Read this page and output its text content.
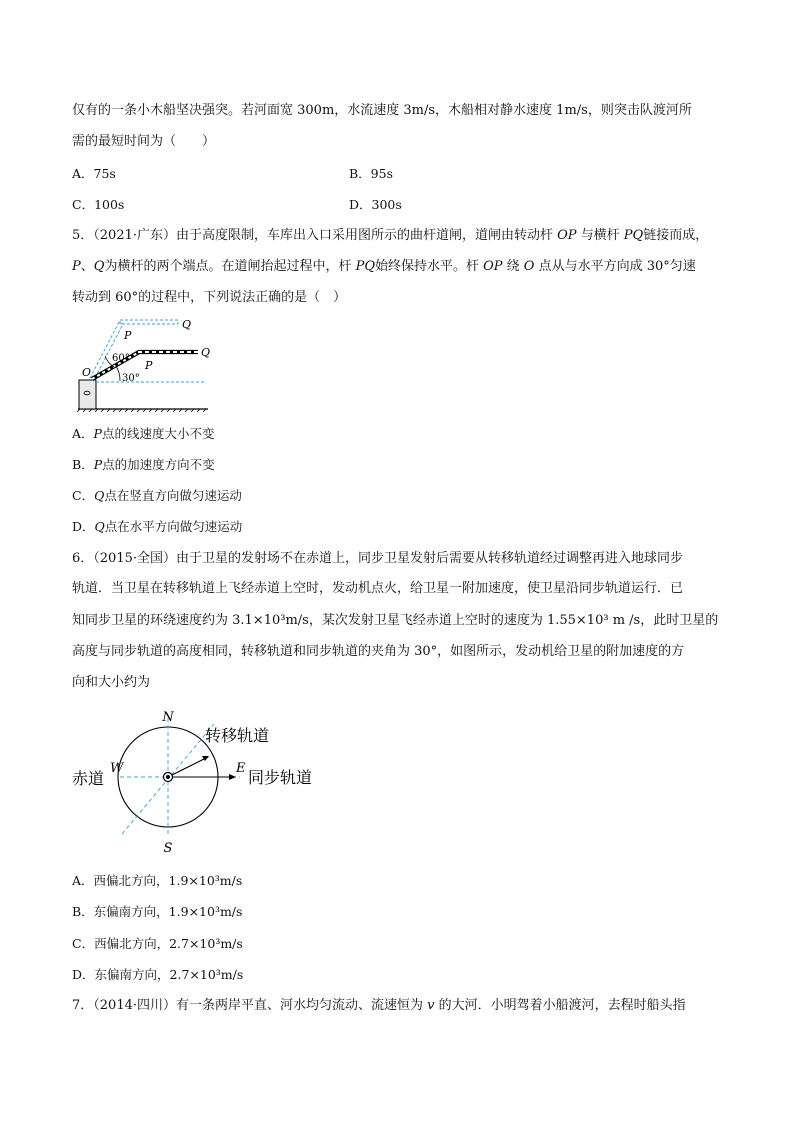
仅有的一条小木船坚决强突。若河面宽 300m，水流速度 3m/s，木船相对静水速度 1m/s，则突击队渡河所
需的最短时间为（　　）
A．75s	B．95s
C．100s	D．300s
5．（2021·广东）由于高度限制，车库出入口采用图所示的曲杆道闸，道闸由转动杆 OP 与横杆 PQ链接而成，
P、Q为横杆的两个端点。在道闸抬起过程中，杆 PQ始终保持水平。杆 OP 绕 O 点从与水平方向成 30°匀速
转动到 60°的过程中，下列说法正确的是（　）
O
P
P
Q
Q
60°
30°
A．P点的线速度大小不变
B．P点的加速度方向不变
C．Q点在竖直方向做匀速运动
D．Q点在水平方向做匀速运动
6．（2015·全国）由于卫星的发射场不在赤道上，同步卫星发射后需要从转移轨道经过调整再进入地球同步
轨道．当卫星在转移轨道上飞经赤道上空时，发动机点火，给卫星一附加速度，使卫星沿同步轨道运行．已
知同步卫星的环绕速度约为 3.1×10³m/s，某次发射卫星飞经赤道上空时的速度为 1.55×10³ m /s，此时卫星的
高度与同步轨道的高度相同，转移轨道和同步轨道的夹角为 30°，如图所示，发动机给卫星的附加速度的方
向和大小约为
N
S
W	E
赤道
转移轨道
同步轨道
A．西偏北方向，1.9×10³m/s
B．东偏南方向，1.9×10³m/s
C．西偏北方向，2.7×10³m/s
D．东偏南方向，2.7×10³m/s
7．（2014·四川）有一条两岸平直、河水均匀流动、流速恒为 v 的大河．小明驾着小船渡河，去程时船头指
